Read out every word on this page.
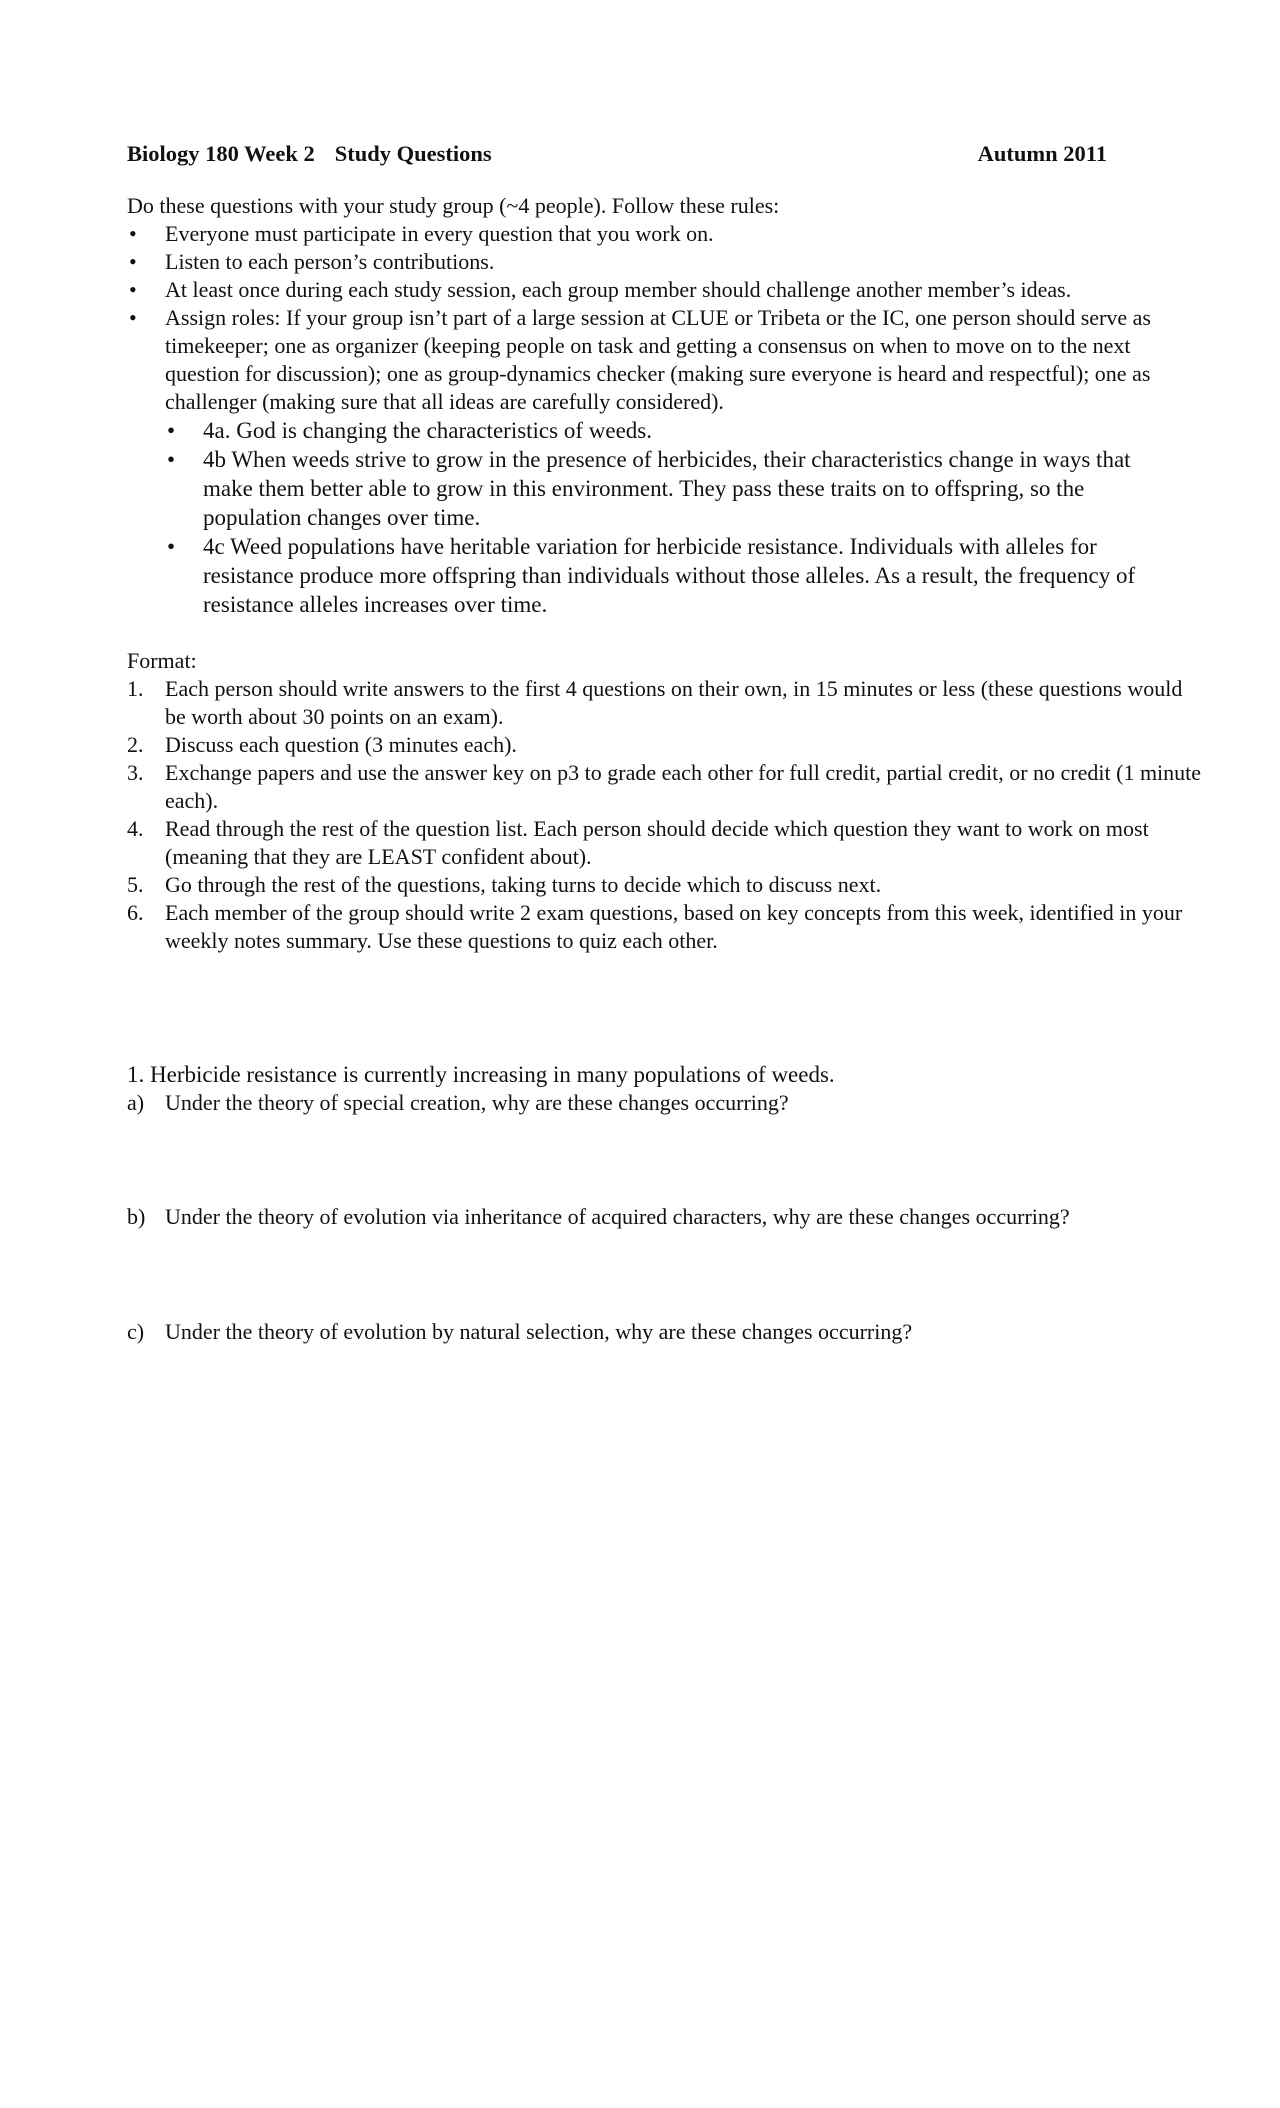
Biology 180 Week 2 Study Questions	Autumn 2011

Do these questions with your study group (~4 people). Follow these rules:

• Everyone must participate in every question that you work on.
• Listen to each person’s contributions.
• At least once during each study session, each group member should challenge another member’s ideas.
• Assign roles: If your group isn’t part of a large session at CLUE or Tribeta or the IC, one person should serve as timekeeper; one as organizer (keeping people on task and getting a consensus on when to move on to the next question for discussion); one as group-dynamics checker (making sure everyone is heard and respectful); one as challenger (making sure that all ideas are carefully considered).
• 4a. God is changing the characteristics of weeds.
• 4b When weeds strive to grow in the presence of herbicides, their characteristics change in ways that make them better able to grow in this environment. They pass these traits on to offspring, so the population changes over time.
• 4c Weed populations have heritable variation for herbicide resistance. Individuals with alleles for resistance produce more offspring than individuals without those alleles. As a result, the frequency of resistance alleles increases over time.

Format:

1. Each person should write answers to the first 4 questions on their own, in 15 minutes or less (these questions would be worth about 30 points on an exam).
2. Discuss each question (3 minutes each).
3. Exchange papers and use the answer key on p3 to grade each other for full credit, partial credit, or no credit (1 minute each).
4. Read through the rest of the question list. Each person should decide which question they want to work on most (meaning that they are LEAST confident about).
5. Go through the rest of the questions, taking turns to decide which to discuss next.
6. Each member of the group should write 2 exam questions, based on key concepts from this week, identified in your weekly notes summary. Use these questions to quiz each other.

1. Herbicide resistance is currently increasing in many populations of weeds.

a) Under the theory of special creation, why are these changes occurring?
b) Under the theory of evolution via inheritance of acquired characters, why are these changes occurring?
c) Under the theory of evolution by natural selection, why are these changes occurring?
